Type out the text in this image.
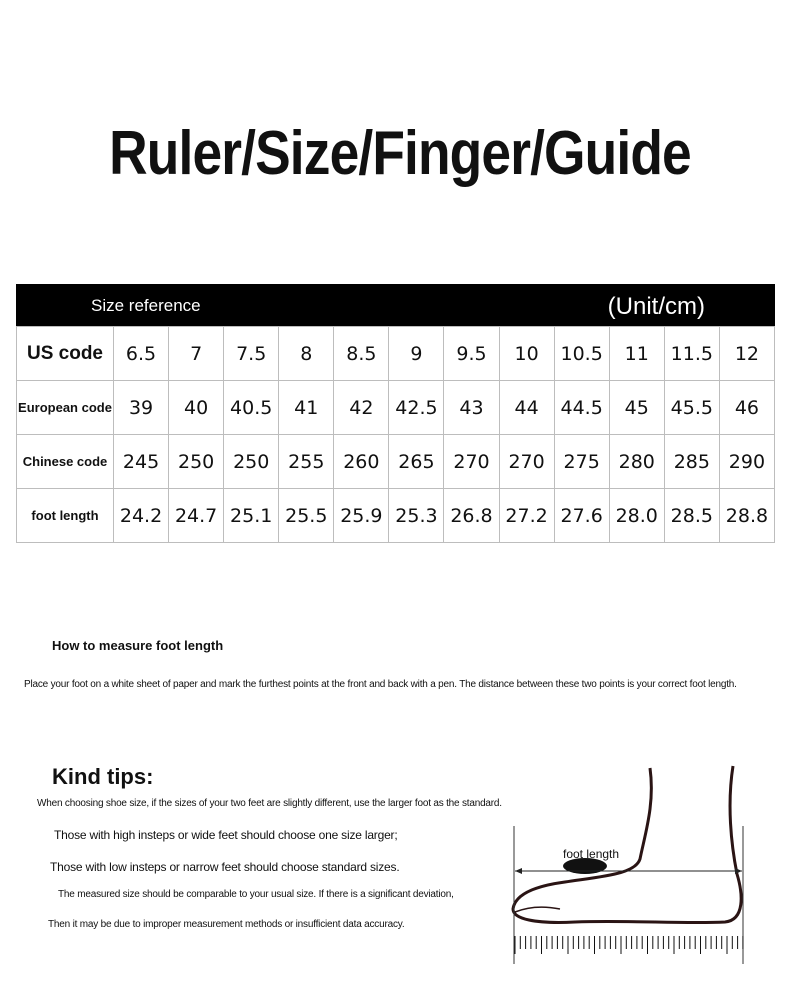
Ruler/Size/Finger/Guide
Size reference	(Unit/cm)
US code	6.5	7	7.5	8	8.5	9	9.5	10	10.5	11	11.5	12
European code	39	40	40.5	41	42	42.5	43	44	44.5	45	45.5	46
Chinese code	245	250	250	255	260	265	270	270	275	280	285	290
foot length	24.2	24.7	25.1	25.5	25.9	25.3	26.8	27.2	27.6	28.0	28.5	28.8
How to measure foot length
Place your foot on a white sheet of paper and mark the furthest points at the front and back with a pen. The distance between these two points is your correct foot length.
Kind tips:
When choosing shoe size, if the sizes of your two feet are slightly different, use the larger foot as the standard.
Those with high insteps or wide feet should choose one size larger;
Those with low insteps or narrow feet should choose standard sizes.
The measured size should be comparable to your usual size. If there is a significant deviation,
Then it may be due to improper measurement methods or insufficient data accuracy.
foot length
